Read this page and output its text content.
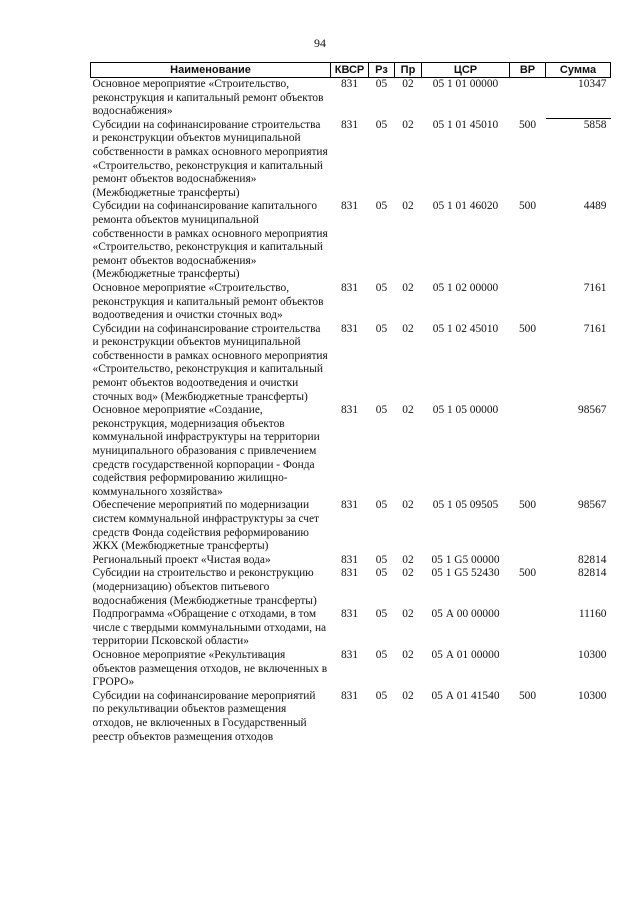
94
Наименование	КВСР	Рз	Пр	ЦСР	ВР	Сумма
Основное мероприятие «Строительство, реконструкция и капитальный ремонт объектов водоснабжения»	831	05	02	05 1 01 00000		10347
Субсидии на софинансирование строительства и реконструкции объектов муниципальной собственности в рамках основного мероприятия «Строительство, реконструкция и капитальный ремонт объектов водоснабжения» (Межбюджетные трансферты)	831	05	02	05 1 01 45010	500	5858
Субсидии на софинансирование капитального ремонта объектов муниципальной собственности в рамках основного мероприятия «Строительство, реконструкция и капитальный ремонт объектов водоснабжения» (Межбюджетные трансферты)	831	05	02	05 1 01 46020	500	4489
Основное мероприятие «Строительство, реконструкция и капитальный ремонт объектов водоотведения и очистки сточных вод»	831	05	02	05 1 02 00000		7161
Субсидии на софинансирование строительства и реконструкции объектов муниципальной собственности в рамках основного мероприятия «Строительство, реконструкция и капитальный ремонт объектов водоотведения и очистки сточных вод» (Межбюджетные трансферты)	831	05	02	05 1 02 45010	500	7161
Основное мероприятие «Создание, реконструкция, модернизация объектов коммунальной инфраструктуры на территории муниципального образования с привлечением средств государственной корпорации - Фонда содействия реформированию жилищно-коммунального хозяйства»	831	05	02	05 1 05 00000		98567
Обеспечение мероприятий по модернизации систем коммунальной инфраструктуры за счет средств Фонда содействия реформированию ЖКХ (Межбюджетные трансферты)	831	05	02	05 1 05 09505	500	98567
Региональный проект «Чистая вода»	831	05	02	05 1 G5 00000		82814
Субсидии на строительство и реконструкцию (модернизацию) объектов питьевого водоснабжения (Межбюджетные трансферты)	831	05	02	05 1 G5 52430	500	82814
Подпрограмма «Обращение с отходами, в том числе с твердыми коммунальными отходами, на территории Псковской области»	831	05	02	05 А 00 00000		11160
Основное мероприятие «Рекультивация объектов размещения отходов, не включенных в ГРОРО»	831	05	02	05 А 01 00000		10300
Субсидии на софинансирование мероприятий по рекультивации объектов размещения отходов, не включенных в Государственный реестр объектов размещения отходов	831	05	02	05 А 01 41540	500	10300
